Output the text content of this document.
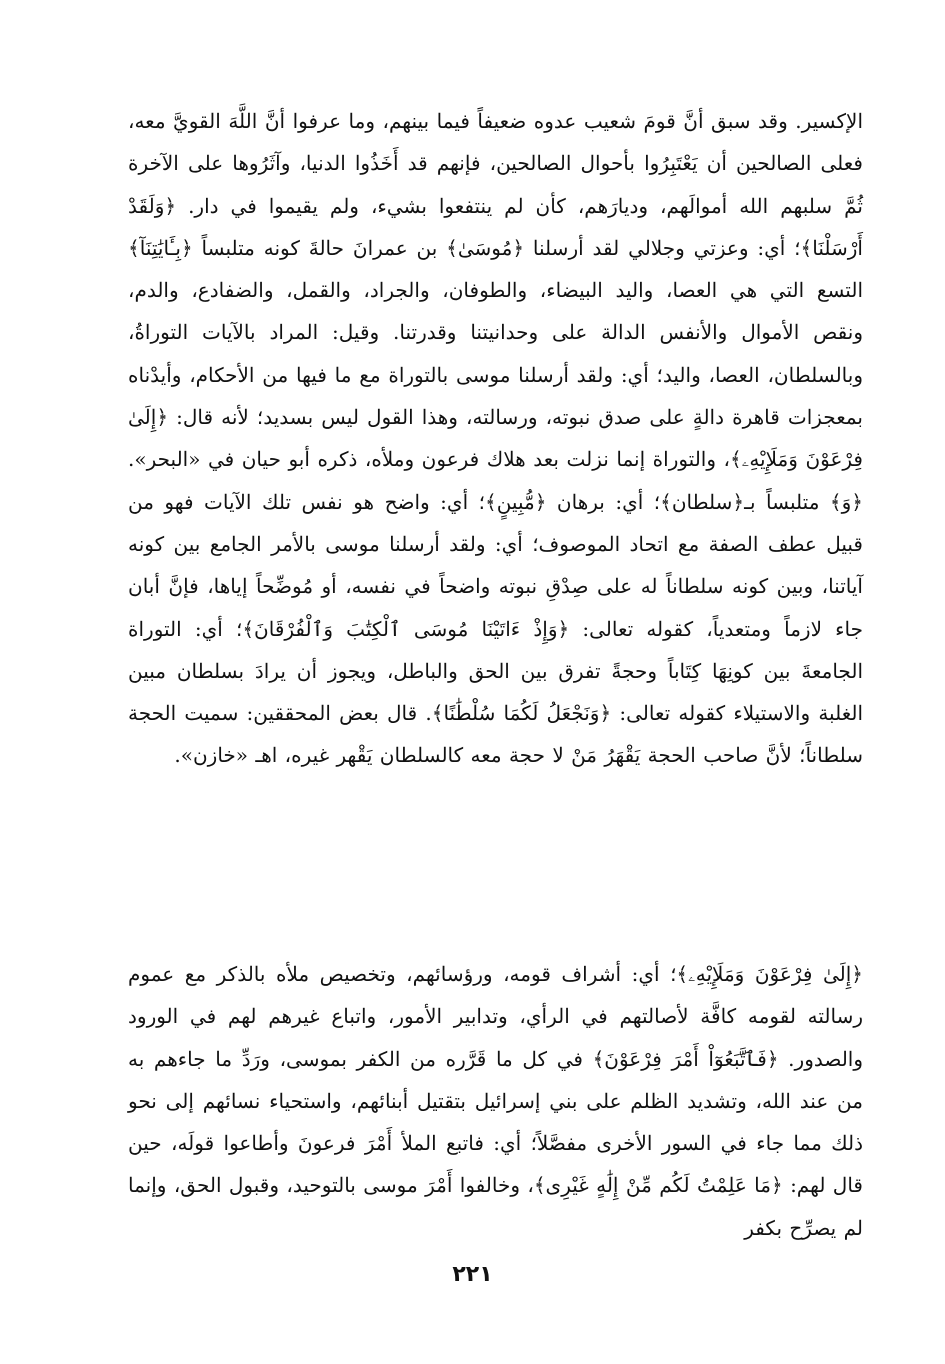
الإكسير. وقد سبق أنَّ قومَ شعيب عدوه ضعيفاً فيما بينهم، وما عرفوا أنَّ اللَّهَ القويَّ معه، فعلى الصالحين أن يَعْتَبِرُوا بأحوال الصالحين، فإنهم قد أَخَذُوا الدنيا، وآثَرُوها على الآخرة ثُمَّ سلبهم الله أموالَهم، وديارَهم، كأن لم ينتفعوا بشيء، ولم يقيموا في دار. ﴿وَلَقَدْ أَرْسَلْنَا﴾؛ أي: وعزتي وجلالي لقد أرسلنا ﴿مُوسَىٰ﴾ بن عمرانَ حالةَ كونه متلبساً ﴿بِـَٔايَٰتِنَآ﴾ التسع التي هي العصا، واليد البيضاء، والطوفان، والجراد، والقمل، والضفادع، والدم، ونقص الأموال والأنفس الدالة على وحدانيتنا وقدرتنا. وقيل: المراد بالآيات التوراةُ، وبالسلطان، العصا، واليد؛ أي: ولقد أرسلنا موسى بالتوراة مع ما فيها من الأحكام، وأيدْناه بمعجزات قاهرة دالةٍ على صدق نبوته، ورسالته، وهذا القول ليس بسديد؛ لأنه قال: ﴿إِلَىٰ فِرْعَوْنَ وَمَلَإِيْهِۦ﴾، والتوراة إنما نزلت بعد هلاك فرعون وملأه، ذكره أبو حيان في «البحر». ﴿وَ﴾ متلبساً بـ﴿سلطان﴾؛ أي: برهان ﴿مُّبِينٍ﴾؛ أي: واضح هو نفس تلك الآيات فهو من قبيل عطف الصفة مع اتحاد الموصوف؛ أي: ولقد أرسلنا موسى بالأمر الجامع بين كونه آياتنا، وبين كونه سلطاناً له على صِدْقِ نبوته واضحاً في نفسه، أو مُوضِّحاً إياها، فإنَّ أبان جاء لازماً ومتعدياً، كقوله تعالى: ﴿وَإِذْ ءَاتَيْنَا مُوسَى ٱلْكِتَٰبَ وَٱلْفُرْقَانَ﴾؛ أي: التوراة الجامعةَ بين كونِهَا كِتَاباً وحجةً تفرق بين الحق والباطل، ويجوز أن يرادَ بسلطان مبين الغلبة والاستيلاء كقوله تعالى: ﴿وَنَجْعَلُ لَكُمَا سُلْطَٰنًا﴾. قال بعض المحققين: سميت الحجة سلطاناً؛ لأنَّ صاحب الحجة يَقْهَرُ مَنْ لا حجة معه كالسلطان يَقْهر غيره، اهـ «خازن».

﴿إِلَىٰ فِرْعَوْنَ وَمَلَإِيْهِۦ﴾؛ أي: أشراف قومه، ورؤسائهم، وتخصيص ملأه بالذكر مع عموم رسالته لقومه كافَّة لأصالتهم في الرأي، وتدابير الأمور، واتباع غيرهم لهم في الورود والصدور. ﴿فَٱتَّبَعُوٓاْ أَمْرَ فِرْعَوْنَ﴾ في كل ما قَرَّره من الكفر بموسى، ورَدِّ ما جاءهم به من عند الله، وتشديد الظلم على بني إسرائيل بتقتيل أبنائهم، واستحياء نسائهم إلى نحو ذلك مما جاء في السور الأخرى مفصَّلاً؛ أي: فاتبع الملأ أَمْرَ فرعونَ وأطاعوا قولَه، حين قال لهم: ﴿مَا عَلِمْتُ لَكُم مِّنْ إِلَٰهٍ غَيْرِى﴾، وخالفوا أَمْرَ موسى بالتوحيد، وقبول الحق، وإنما لم يصرِّح بكفر

٢٢١
